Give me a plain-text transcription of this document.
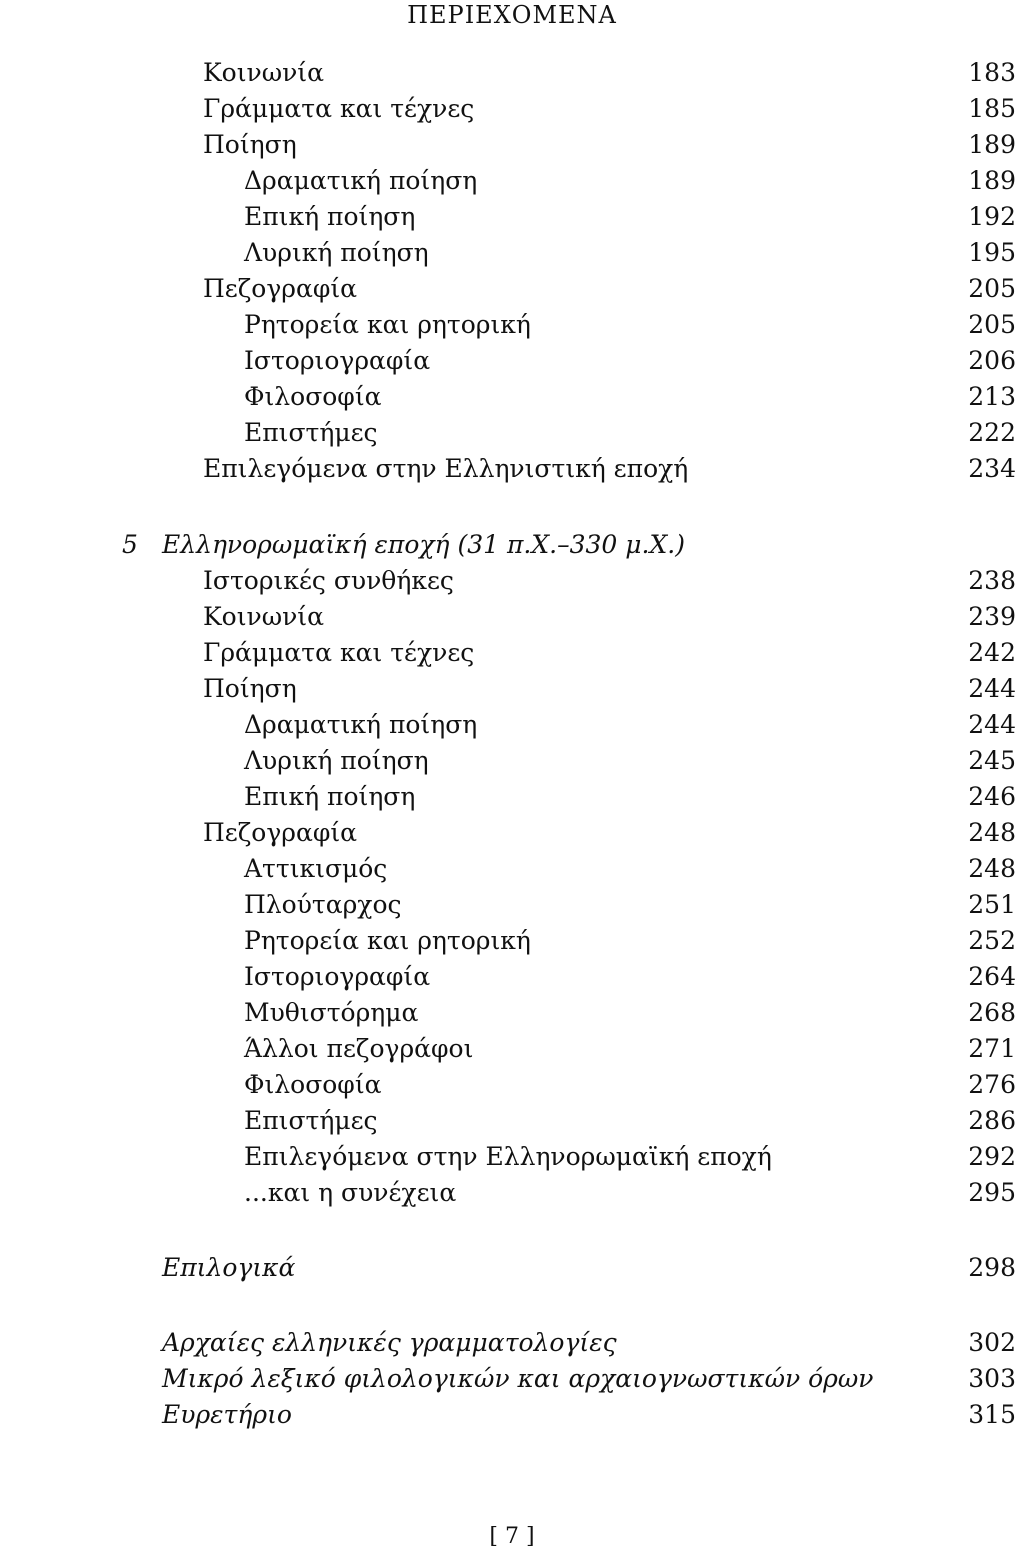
ΠΕΡΙΕΧΟΜΕΝΑ
Κοινωνία	183
Γράμματα και τέχνες	185
Ποίηση	189
Δραματική ποίηση	189
Επική ποίηση	192
Λυρική ποίηση	195
Πεζογραφία	205
Ρητορεία και ρητορική	205
Ιστοριογραφία	206
Φιλοσοφία	213
Επιστήμες	222
Επιλεγόμενα στην Ελληνιστική εποχή	234
5 Ελληνορωμαϊκή εποχή (31 π.Χ.–330 μ.Χ.)
Ιστορικές συνθήκες	238
Κοινωνία	239
Γράμματα και τέχνες	242
Ποίηση	244
Δραματική ποίηση	244
Λυρική ποίηση	245
Επική ποίηση	246
Πεζογραφία	248
Αττικισμός	248
Πλούταρχος	251
Ρητορεία και ρητορική	252
Ιστοριογραφία	264
Μυθιστόρημα	268
Άλλοι πεζογράφοι	271
Φιλοσοφία	276
Επιστήμες	286
Επιλεγόμενα στην Ελληνορωμαϊκή εποχή	292
...και η συνέχεια	295
Επιλογικά	298
Αρχαίες ελληνικές γραμματολογίες	302
Μικρό λεξικό φιλολογικών και αρχαιογνωστικών όρων	303
Ευρετήριο	315
[ 7 ]
